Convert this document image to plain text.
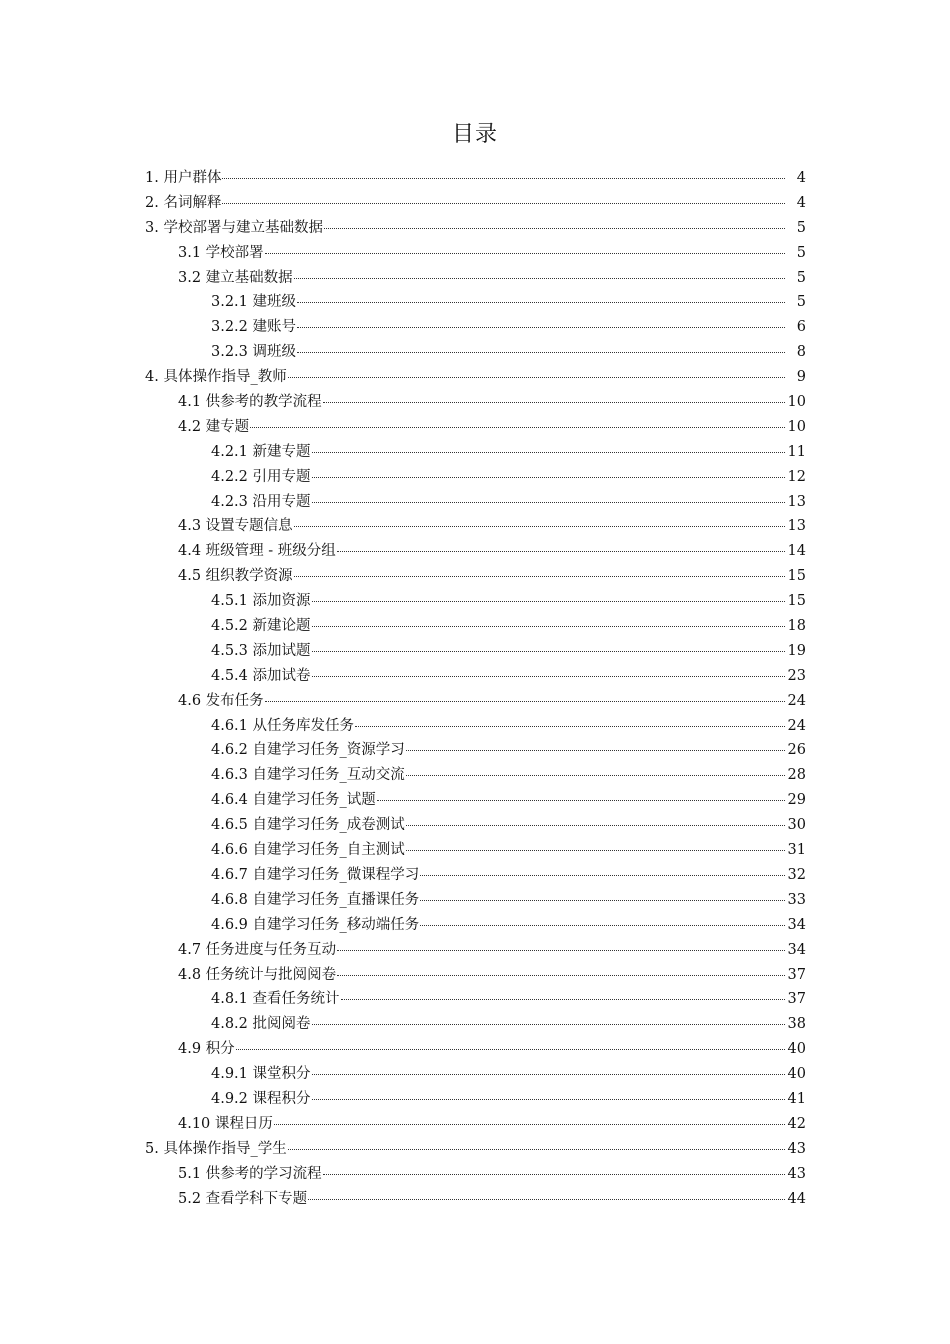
目录
1. 用户群体	4
2. 名词解释	4
3. 学校部署与建立基础数据	5
3.1 学校部署	5
3.2 建立基础数据	5
3.2.1 建班级	5
3.2.2 建账号	6
3.2.3 调班级	8
4. 具体操作指导_教师	9
4.1 供参考的教学流程	10
4.2 建专题	10
4.2.1 新建专题	11
4.2.2 引用专题	12
4.2.3 沿用专题	13
4.3 设置专题信息	13
4.4 班级管理 - 班级分组	14
4.5 组织教学资源	15
4.5.1 添加资源	15
4.5.2 新建论题	18
4.5.3 添加试题	19
4.5.4 添加试卷	23
4.6 发布任务	24
4.6.1 从任务库发任务	24
4.6.2 自建学习任务_资源学习	26
4.6.3 自建学习任务_互动交流	28
4.6.4 自建学习任务_试题	29
4.6.5 自建学习任务_成卷测试	30
4.6.6 自建学习任务_自主测试	31
4.6.7 自建学习任务_微课程学习	32
4.6.8 自建学习任务_直播课任务	33
4.6.9 自建学习任务_移动端任务	34
4.7 任务进度与任务互动	34
4.8 任务统计与批阅阅卷	37
4.8.1 查看任务统计	37
4.8.2 批阅阅卷	38
4.9 积分	40
4.9.1 课堂积分	40
4.9.2 课程积分	41
4.10 课程日历	42
5. 具体操作指导_学生	43
5.1 供参考的学习流程	43
5.2 查看学科下专题	44
